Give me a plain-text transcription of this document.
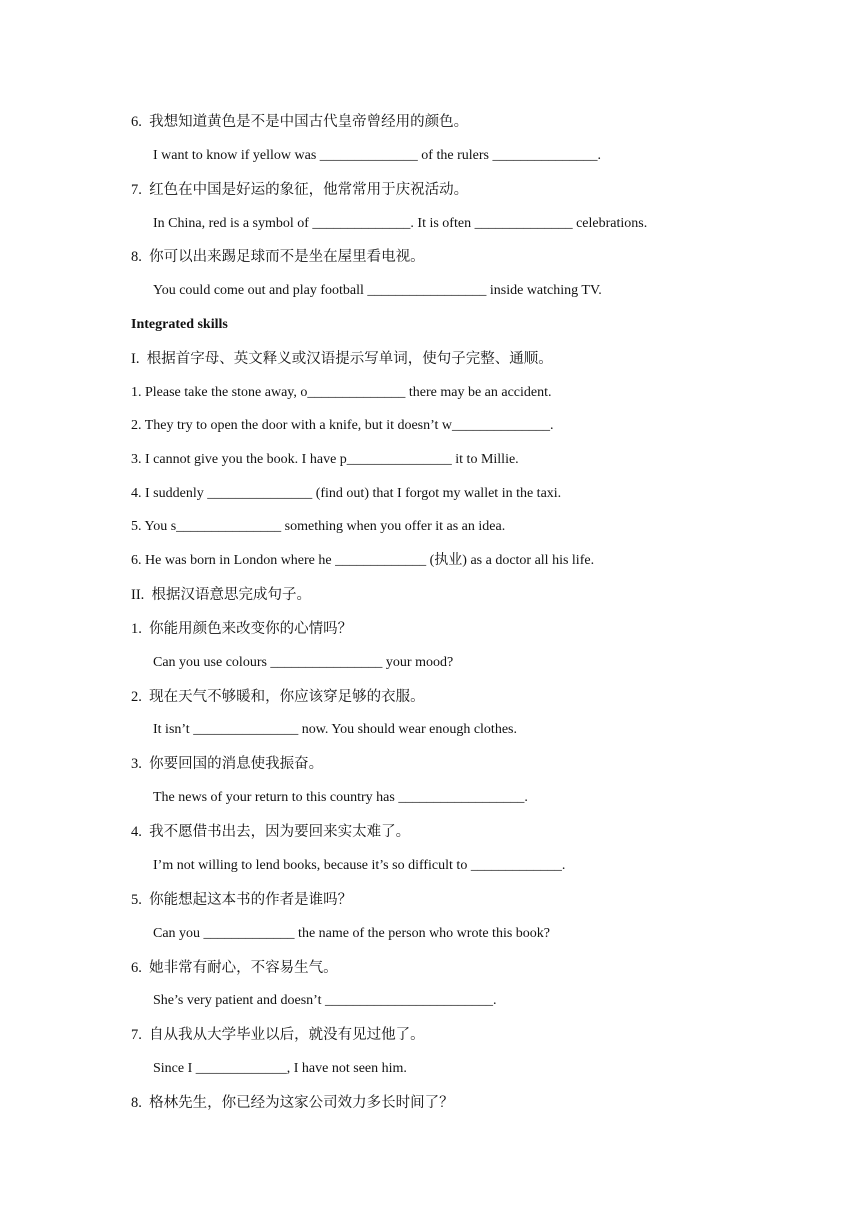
6.  我想知道黄色是不是中国古代皇帝曾经用的颜色。
I want to know if yellow was ______________ of the rulers _______________.
7.  红色在中国是好运的象征，他常常用于庆祝活动。
In China, red is a symbol of ______________. It is often ______________ celebrations.
8.  你可以出来踢足球而不是坐在屋里看电视。
You could come out and play football _________________ inside watching TV.
Integrated skills
I.  根据首字母、英文释义或汉语提示写单词，使句子完整、通顺。
1. Please take the stone away, o______________ there may be an accident.
2. They try to open the door with a knife, but it doesn’t w______________.
3. I cannot give you the book. I have p_______________ it to Millie.
4. I suddenly _______________ (find out) that I forgot my wallet in the taxi.
5. You s_______________ something when you offer it as an idea.
6. He was born in London where he _____________ (执业) as a doctor all his life.
II.  根据汉语意思完成句子。
1.  你能用颜色来改变你的心情吗？
Can you use colours ________________ your mood?
2.  现在天气不够暖和，你应该穿足够的衣服。
It isn’t _______________ now. You should wear enough clothes.
3.  你要回国的消息使我振奋。
The news of your return to this country has __________________.
4.  我不愿借书出去，因为要回来实太难了。
I’m not willing to lend books, because it’s so difficult to _____________.
5.  你能想起这本书的作者是谁吗？
Can you _____________ the name of the person who wrote this book?
6.  她非常有耐心，不容易生气。
She’s very patient and doesn’t ________________________.
7.  自从我从大学毕业以后，就没有见过他了。
Since I _____________, I have not seen him.
8.  格林先生，你已经为这家公司效力多长时间了？
